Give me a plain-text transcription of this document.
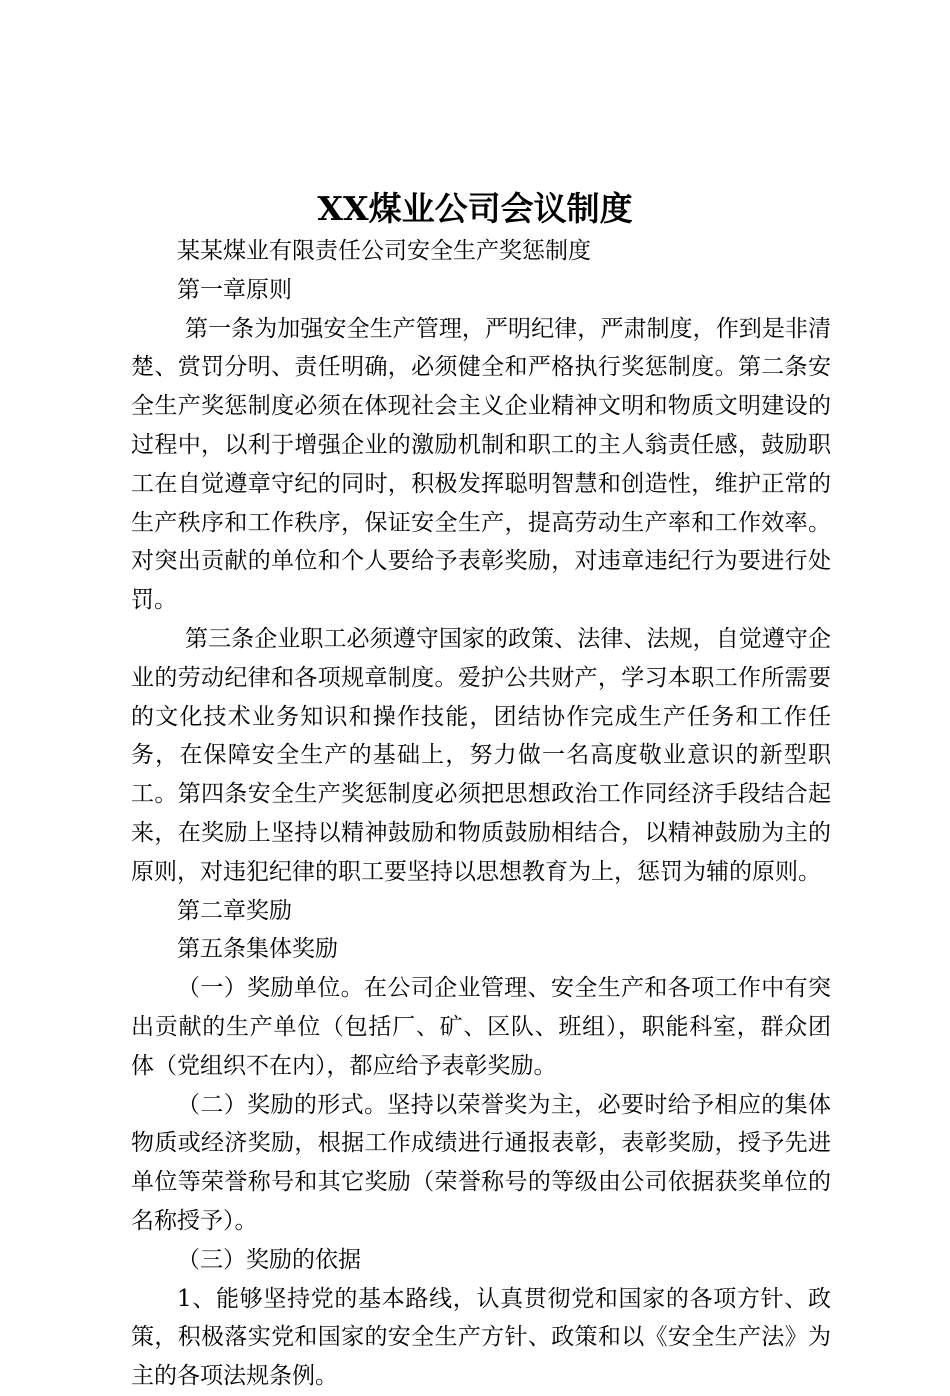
XX煤业公司会议制度

某某煤业有限责任公司安全生产奖惩制度

第一章原则

第一条为加强安全生产管理，严明纪律，严肃制度，作到是非清楚、赏罚分明、责任明确，必须健全和严格执行奖惩制度。第二条安全生产奖惩制度必须在体现社会主义企业精神文明和物质文明建设的过程中，以利于增强企业的激励机制和职工的主人翁责任感，鼓励职工在自觉遵章守纪的同时，积极发挥聪明智慧和创造性，维护正常的生产秩序和工作秩序，保证安全生产，提高劳动生产率和工作效率。对突出贡献的单位和个人要给予表彰奖励，对违章违纪行为要进行处罚。

第三条企业职工必须遵守国家的政策、法律、法规，自觉遵守企业的劳动纪律和各项规章制度。爱护公共财产，学习本职工作所需要的文化技术业务知识和操作技能，团结协作完成生产任务和工作任务，在保障安全生产的基础上，努力做一名高度敬业意识的新型职工。第四条安全生产奖惩制度必须把思想政治工作同经济手段结合起来，在奖励上坚持以精神鼓励和物质鼓励相结合，以精神鼓励为主的原则，对违犯纪律的职工要坚持以思想教育为上，惩罚为辅的原则。

第二章奖励

第五条集体奖励

（一）奖励单位。在公司企业管理、安全生产和各项工作中有突出贡献的生产单位（包括厂、矿、区队、班组），职能科室，群众团体（党组织不在内），都应给予表彰奖励。

（二）奖励的形式。坚持以荣誉奖为主，必要时给予相应的集体物质或经济奖励，根据工作成绩进行通报表彰，表彰奖励，授予先进单位等荣誉称号和其它奖励（荣誉称号的等级由公司依据获奖单位的名称授予）。

（三）奖励的依据

1、能够坚持党的基本路线，认真贯彻党和国家的各项方针、政策，积极落实党和国家的安全生产方针、政策和以《安全生产法》为主的各项法规条例。
